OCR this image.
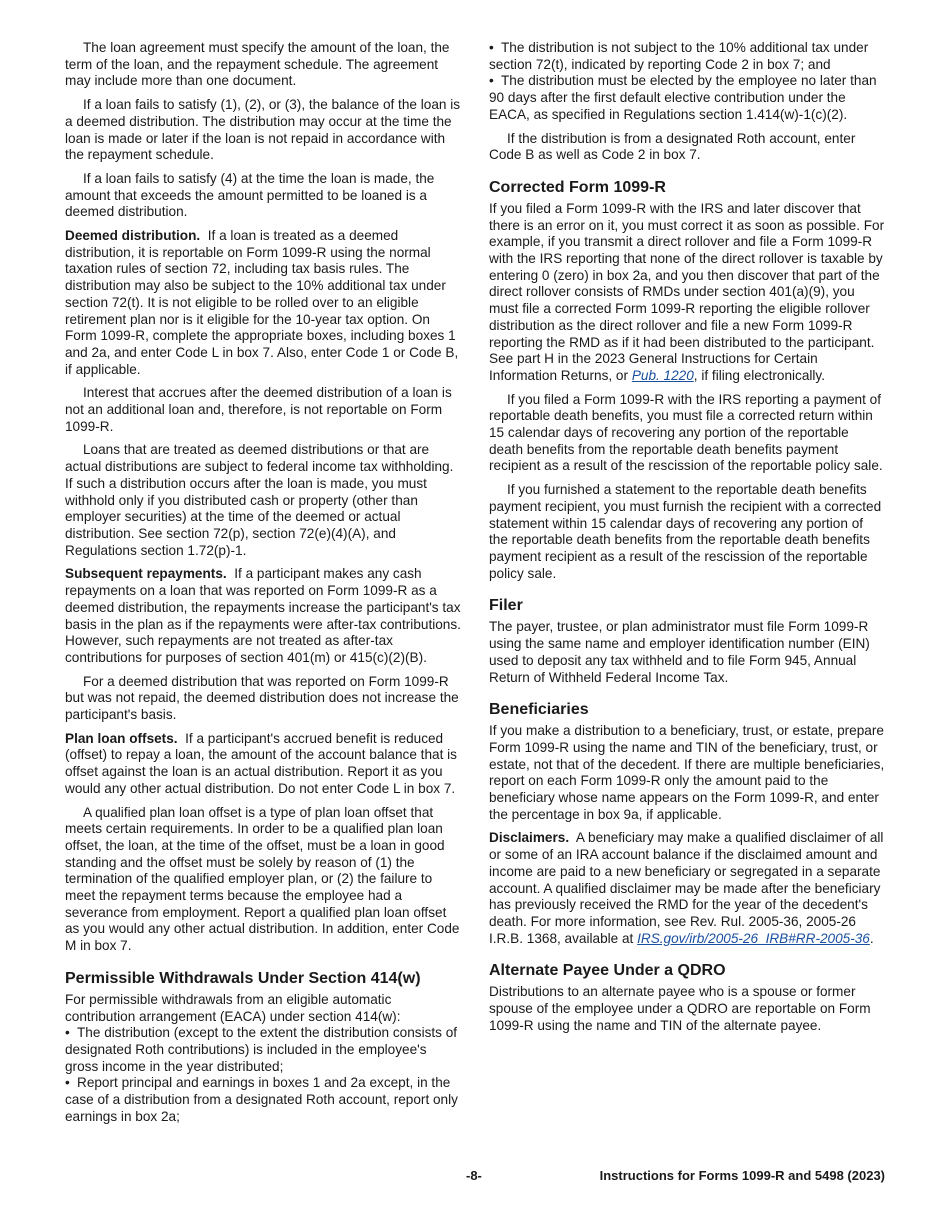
The loan agreement must specify the amount of the loan, the term of the loan, and the repayment schedule. The agreement may include more than one document.

If a loan fails to satisfy (1), (2), or (3), the balance of the loan is a deemed distribution. The distribution may occur at the time the loan is made or later if the loan is not repaid in accordance with the repayment schedule.

If a loan fails to satisfy (4) at the time the loan is made, the amount that exceeds the amount permitted to be loaned is a deemed distribution.

Deemed distribution. If a loan is treated as a deemed distribution, it is reportable on Form 1099-R using the normal taxation rules of section 72, including tax basis rules. The distribution may also be subject to the 10% additional tax under section 72(t). It is not eligible to be rolled over to an eligible retirement plan nor is it eligible for the 10-year tax option. On Form 1099-R, complete the appropriate boxes, including boxes 1 and 2a, and enter Code L in box 7. Also, enter Code 1 or Code B, if applicable.

Interest that accrues after the deemed distribution of a loan is not an additional loan and, therefore, is not reportable on Form 1099-R.

Loans that are treated as deemed distributions or that are actual distributions are subject to federal income tax withholding. If such a distribution occurs after the loan is made, you must withhold only if you distributed cash or property (other than employer securities) at the time of the deemed or actual distribution. See section 72(p), section 72(e)(4)(A), and Regulations section 1.72(p)-1.

Subsequent repayments. If a participant makes any cash repayments on a loan that was reported on Form 1099-R as a deemed distribution, the repayments increase the participant's tax basis in the plan as if the repayments were after-tax contributions. However, such repayments are not treated as after-tax contributions for purposes of section 401(m) or 415(c)(2)(B).

For a deemed distribution that was reported on Form 1099-R but was not repaid, the deemed distribution does not increase the participant's basis.

Plan loan offsets. If a participant's accrued benefit is reduced (offset) to repay a loan, the amount of the account balance that is offset against the loan is an actual distribution. Report it as you would any other actual distribution. Do not enter Code L in box 7.

A qualified plan loan offset is a type of plan loan offset that meets certain requirements. In order to be a qualified plan loan offset, the loan, at the time of the offset, must be a loan in good standing and the offset must be solely by reason of (1) the termination of the qualified employer plan, or (2) the failure to meet the repayment terms because the employee had a severance from employment. Report a qualified plan loan offset as you would any other actual distribution. In addition, enter Code M in box 7.

Permissible Withdrawals Under Section 414(w)

For permissible withdrawals from an eligible automatic contribution arrangement (EACA) under section 414(w):

• The distribution (except to the extent the distribution consists of designated Roth contributions) is included in the employee's gross income in the year distributed;

• Report principal and earnings in boxes 1 and 2a except, in the case of a distribution from a designated Roth account, report only earnings in box 2a;

• The distribution is not subject to the 10% additional tax under section 72(t), indicated by reporting Code 2 in box 7; and

• The distribution must be elected by the employee no later than 90 days after the first default elective contribution under the EACA, as specified in Regulations section 1.414(w)-1(c)(2).

If the distribution is from a designated Roth account, enter Code B as well as Code 2 in box 7.

Corrected Form 1099-R

If you filed a Form 1099-R with the IRS and later discover that there is an error on it, you must correct it as soon as possible. For example, if you transmit a direct rollover and file a Form 1099-R with the IRS reporting that none of the direct rollover is taxable by entering 0 (zero) in box 2a, and you then discover that part of the direct rollover consists of RMDs under section 401(a)(9), you must file a corrected Form 1099-R reporting the eligible rollover distribution as the direct rollover and file a new Form 1099-R reporting the RMD as if it had been distributed to the participant. See part H in the 2023 General Instructions for Certain Information Returns, or Pub. 1220, if filing electronically.

If you filed a Form 1099-R with the IRS reporting a payment of reportable death benefits, you must file a corrected return within 15 calendar days of recovering any portion of the reportable death benefits from the reportable death benefits payment recipient as a result of the rescission of the reportable policy sale.

If you furnished a statement to the reportable death benefits payment recipient, you must furnish the recipient with a corrected statement within 15 calendar days of recovering any portion of the reportable death benefits from the reportable death benefits payment recipient as a result of the rescission of the reportable policy sale.

Filer

The payer, trustee, or plan administrator must file Form 1099-R using the same name and employer identification number (EIN) used to deposit any tax withheld and to file Form 945, Annual Return of Withheld Federal Income Tax.

Beneficiaries

If you make a distribution to a beneficiary, trust, or estate, prepare Form 1099-R using the name and TIN of the beneficiary, trust, or estate, not that of the decedent. If there are multiple beneficiaries, report on each Form 1099-R only the amount paid to the beneficiary whose name appears on the Form 1099-R, and enter the percentage in box 9a, if applicable.

Disclaimers. A beneficiary may make a qualified disclaimer of all or some of an IRA account balance if the disclaimed amount and income are paid to a new beneficiary or segregated in a separate account. A qualified disclaimer may be made after the beneficiary has previously received the RMD for the year of the decedent's death. For more information, see Rev. Rul. 2005-36, 2005-26 I.R.B. 1368, available at IRS.gov/irb/2005-26_IRB#RR-2005-36.

Alternate Payee Under a QDRO

Distributions to an alternate payee who is a spouse or former spouse of the employee under a QDRO are reportable on Form 1099-R using the name and TIN of the alternate payee.

-8-	Instructions for Forms 1099-R and 5498 (2023)
